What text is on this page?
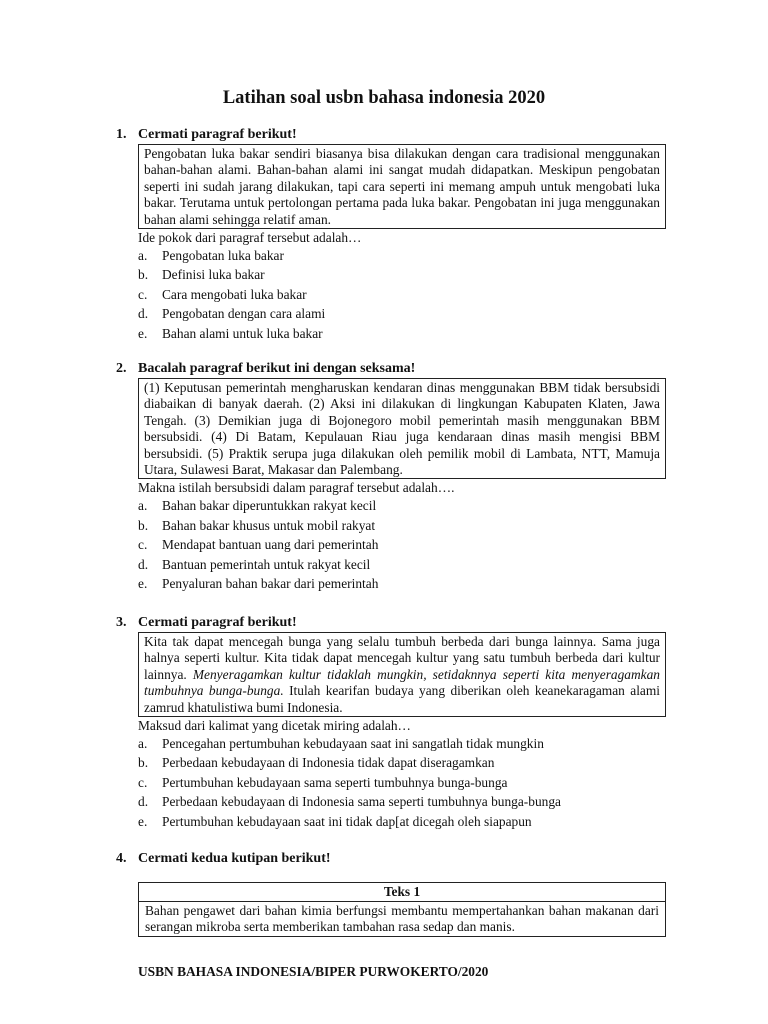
Latihan soal usbn bahasa indonesia 2020
1. Cermati paragraf berikut!
Pengobatan luka bakar sendiri biasanya bisa dilakukan dengan cara tradisional menggunakan bahan-bahan alami. Bahan-bahan alami ini sangat mudah didapatkan. Meskipun pengobatan seperti ini sudah jarang dilakukan, tapi cara seperti ini memang ampuh untuk mengobati luka bakar. Terutama untuk pertolongan pertama pada luka bakar. Pengobatan ini juga menggunakan bahan alami sehingga relatif aman.
Ide pokok dari paragraf tersebut adalah…
a. Pengobatan luka bakar
b. Definisi luka bakar
c. Cara mengobati luka bakar
d. Pengobatan dengan cara alami
e. Bahan alami untuk luka bakar
2. Bacalah paragraf berikut ini dengan seksama!
(1) Keputusan pemerintah mengharuskan kendaran dinas menggunakan BBM tidak bersubsidi diabaikan di banyak daerah. (2) Aksi ini dilakukan di lingkungan Kabupaten Klaten, Jawa Tengah. (3) Demikian juga di Bojonegoro mobil pemerintah masih menggunakan BBM bersubsidi. (4) Di Batam, Kepulauan Riau juga kendaraan dinas masih mengisi BBM bersubsidi. (5) Praktik serupa juga dilakukan oleh pemilik mobil di Lambata, NTT, Mamuja Utara, Sulawesi Barat, Makasar dan Palembang.
Makna istilah bersubsidi dalam paragraf tersebut adalah….
a. Bahan bakar diperuntukkan rakyat kecil
b. Bahan bakar khusus untuk mobil rakyat
c. Mendapat bantuan uang dari pemerintah
d. Bantuan pemerintah untuk rakyat kecil
e. Penyaluran bahan bakar dari pemerintah
3. Cermati paragraf berikut!
Kita tak dapat mencegah bunga yang selalu tumbuh berbeda dari bunga lainnya. Sama juga halnya seperti kultur. Kita tidak dapat mencegah kultur yang satu tumbuh berbeda dari kultur lainnya. Menyeragamkan kultur tidaklah mungkin, setidaknnya seperti kita menyeragamkan tumbuhnya bunga-bunga. Itulah kearifan budaya yang diberikan oleh keanekaragaman alami zamrud khatulistiwa bumi Indonesia.
Maksud dari kalimat yang dicetak miring adalah…
a. Pencegahan pertumbuhan kebudayaan saat ini sangatlah tidak mungkin
b. Perbedaan kebudayaan di Indonesia tidak dapat diseragamkan
c. Pertumbuhan kebudayaan sama seperti tumbuhnya bunga-bunga
d. Perbedaan kebudayaan di Indonesia sama seperti tumbuhnya bunga-bunga
e. Pertumbuhan kebudayaan saat ini tidak dap[at dicegah oleh siapapun
4. Cermati kedua kutipan berikut!
Teks 1
Bahan pengawet dari bahan kimia berfungsi membantu mempertahankan bahan makanan dari serangan mikroba serta memberikan tambahan rasa sedap dan manis.
USBN BAHASA INDONESIA/BIPER PURWOKERTO/2020
